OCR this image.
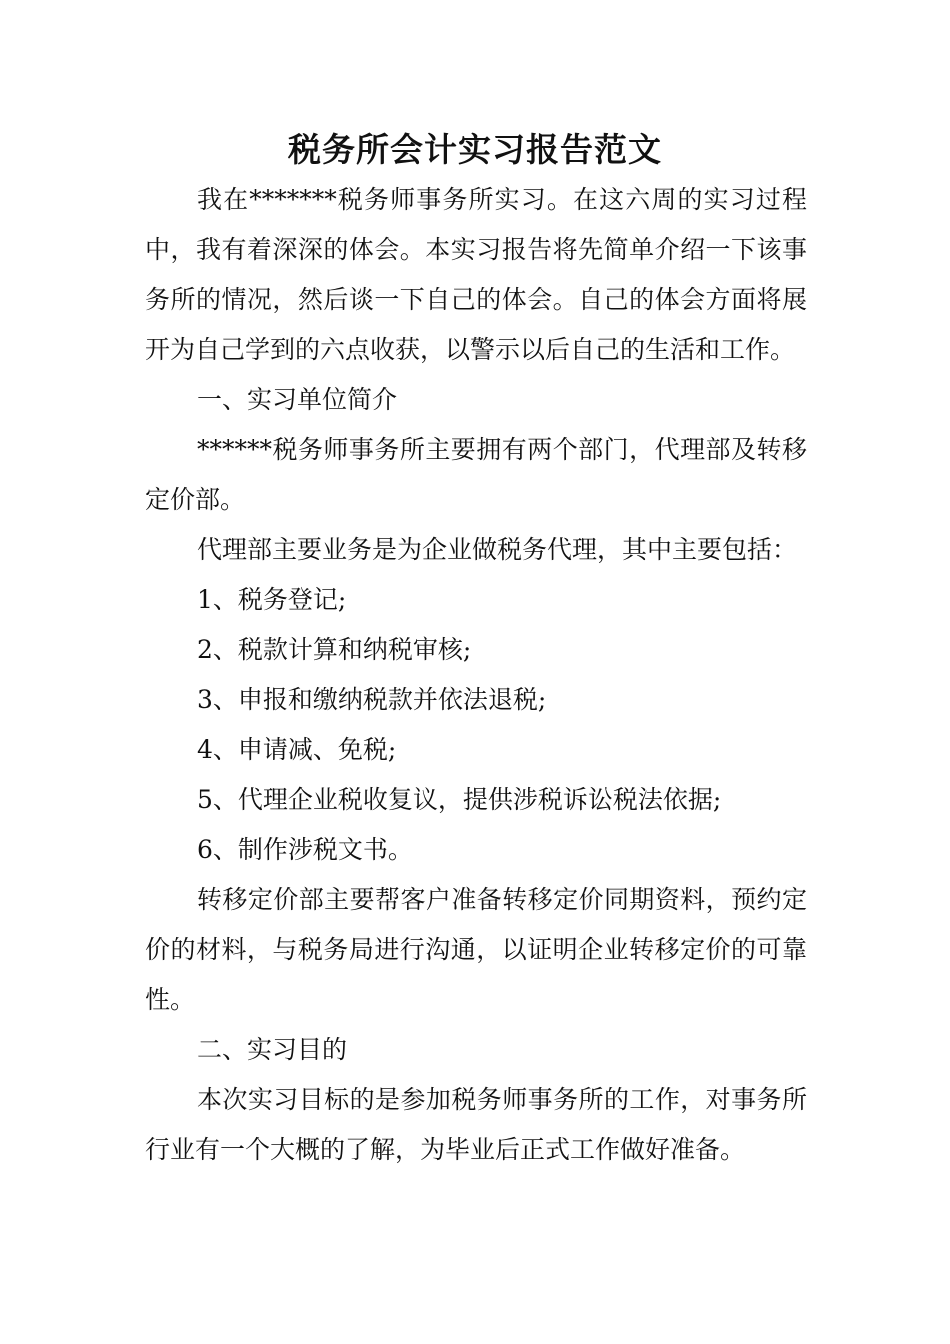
税务所会计实习报告范文

我在*******税务师事务所实习。在这六周的实习过程中，我有着深深的体会。本实习报告将先简单介绍一下该事务所的情况，然后谈一下自己的体会。自己的体会方面将展开为自己学到的六点收获，以警示以后自己的生活和工作。

一、实习单位简介

******税务师事务所主要拥有两个部门，代理部及转移定价部。

代理部主要业务是为企业做税务代理，其中主要包括：

1、税务登记;

2、税款计算和纳税审核;

3、申报和缴纳税款并依法退税;

4、申请减、免税;

5、代理企业税收复议，提供涉税诉讼税法依据;

6、制作涉税文书。

转移定价部主要帮客户准备转移定价同期资料，预约定价的材料，与税务局进行沟通，以证明企业转移定价的可靠性。

二、实习目的

本次实习目标的是参加税务师事务所的工作，对事务所行业有一个大概的了解，为毕业后正式工作做好准备。
